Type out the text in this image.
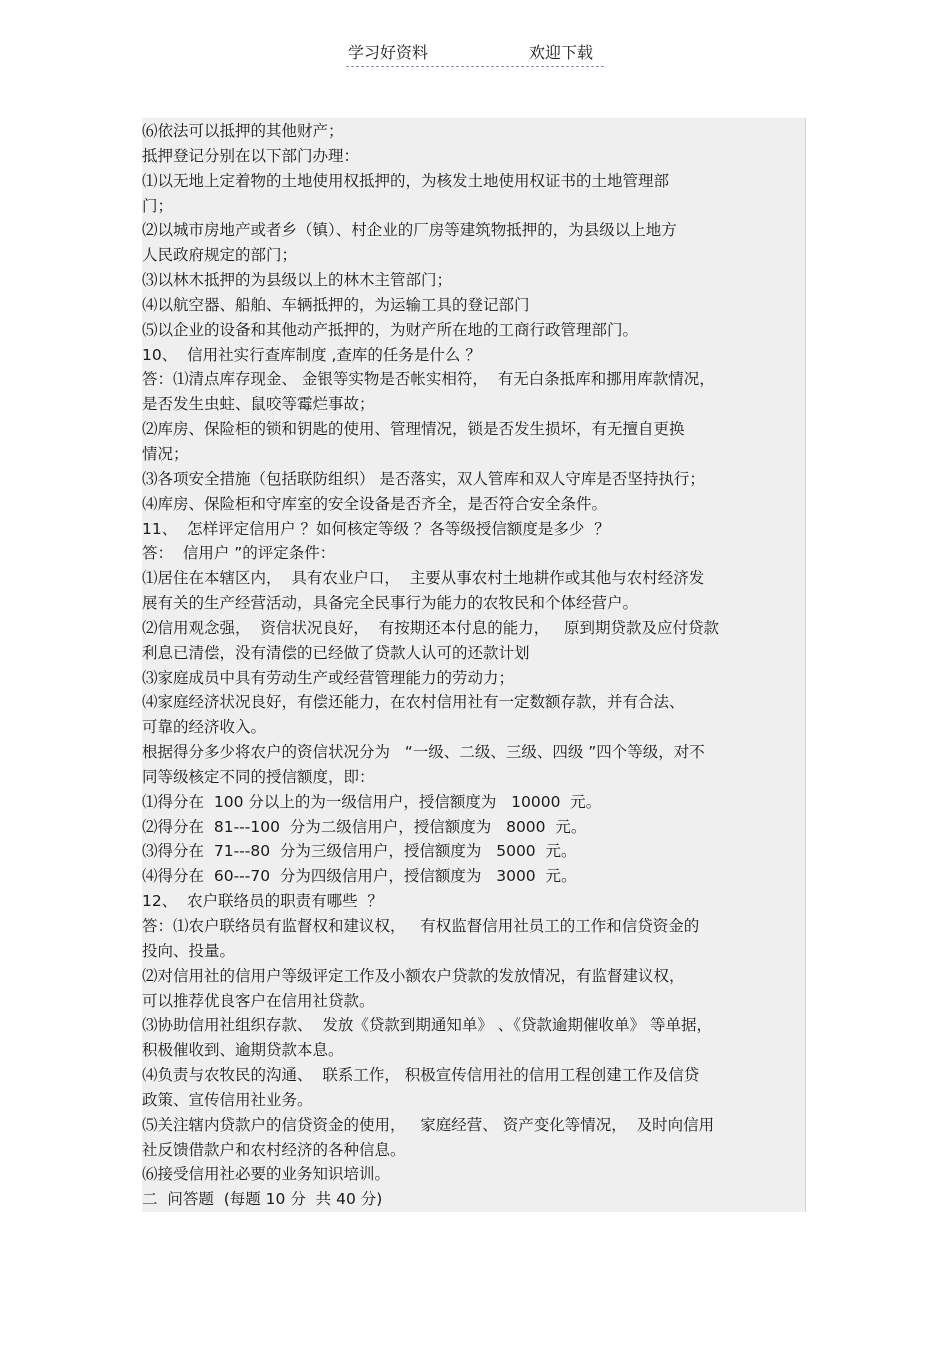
学习好资料	欢迎下载
⑹依法可以抵押的其他财产；
抵押登记分别在以下部门办理：
⑴以无地上定着物的土地使用权抵押的，为核发土地使用权证书的土地管理部
门；
⑵以城市房地产或者乡（镇）、村企业的厂房等建筑物抵押的，为县级以上地方
人民政府规定的部门；
⑶以林木抵押的为县级以上的林木主管部门；
⑷以航空器、船舶、车辆抵押的，为运输工具的登记部门
⑸以企业的设备和其他动产抵押的，为财产所在地的工商行政管理部门。
10、  信用社实行查库制度 ,查库的任务是什么 ？
答：⑴清点库存现金、 金银等实物是否帐实相符，  有无白条抵库和挪用库款情况，
是否发生虫蛀、鼠咬等霉烂事故；
⑵库房、保险柜的锁和钥匙的使用、管理情况，锁是否发生损坏，有无擅自更换
情况；
⑶各项安全措施（包括联防组织） 是否落实，双人管库和双人守库是否坚持执行；
⑷库房、保险柜和守库室的安全设备是否齐全，是否符合安全条件。
11、  怎样评定信用户 ？如何核定等级 ？各等级授信额度是多少  ？
答：  信用户 ”的评定条件：
⑴居住在本辖区内，  具有农业户口，  主要从事农村土地耕作或其他与农村经济发
展有关的生产经营活动，具备完全民事行为能力的农牧民和个体经营户。
⑵信用观念强，  资信状况良好，  有按期还本付息的能力，   原到期贷款及应付贷款
利息已清偿，没有清偿的已经做了贷款人认可的还款计划
⑶家庭成员中具有劳动生产或经营管理能力的劳动力；
⑷家庭经济状况良好，有偿还能力，在农村信用社有一定数额存款，并有合法、
可靠的经济收入。
根据得分多少将农户的资信状况分为   “一级、二级、三级、四级 ”四个等级，对不
同等级核定不同的授信额度，即：
⑴得分在  100 分以上的为一级信用户，授信额度为   10000  元。
⑵得分在  81---100  分为二级信用户，授信额度为   8000  元。
⑶得分在  71---80  分为三级信用户，授信额度为   5000  元。
⑷得分在  60---70  分为四级信用户，授信额度为   3000  元。
12、  农户联络员的职责有哪些  ？
答：⑴农户联络员有监督权和建议权，   有权监督信用社员工的工作和信贷资金的
投向、投量。
⑵对信用社的信用户等级评定工作及小额农户贷款的发放情况，有监督建议权，
可以推荐优良客户在信用社贷款。
⑶协助信用社组织存款、  发放《贷款到期通知单》 、《贷款逾期催收单》 等单据，
积极催收到、逾期贷款本息。
⑷负责与农牧民的沟通、  联系工作， 积极宣传信用社的信用工程创建工作及信贷
政策、宣传信用社业务。
⑸关注辖内贷款户的信贷资金的使用，   家庭经营、 资产变化等情况，  及时向信用
社反馈借款户和农村经济的各种信息。
⑹接受信用社必要的业务知识培训。
二  问答题  (每题 10 分  共 40 分)
